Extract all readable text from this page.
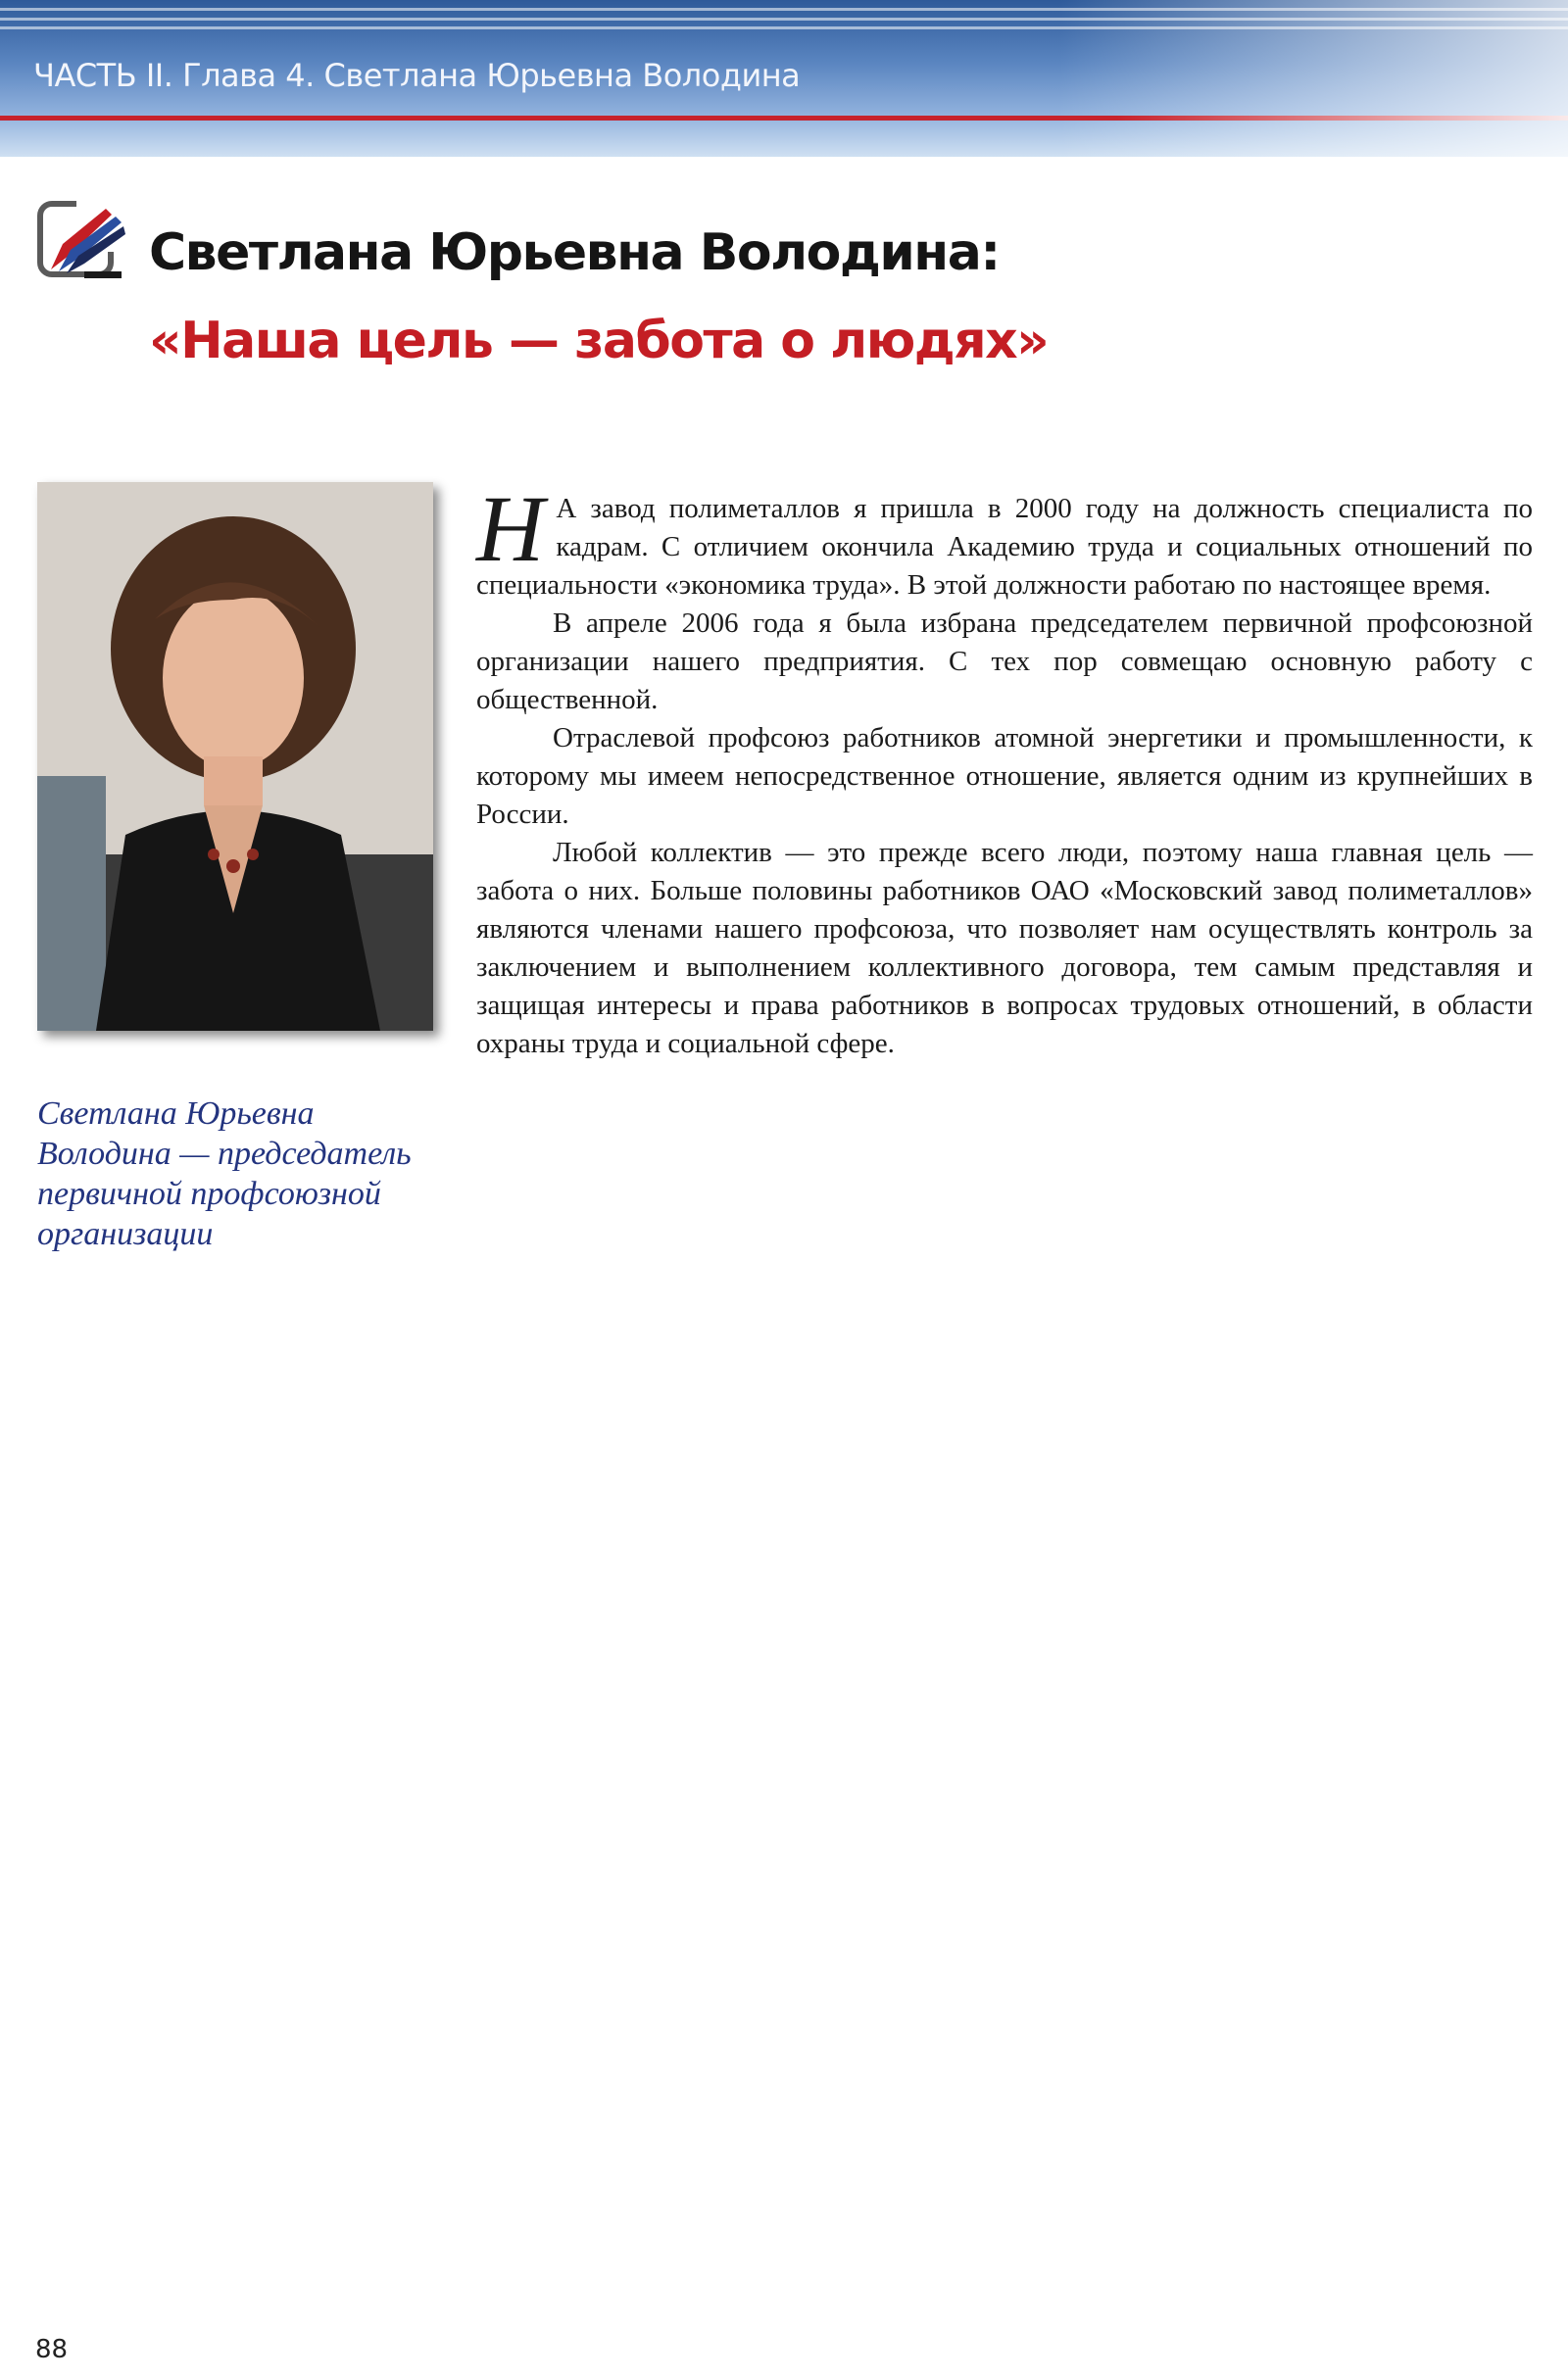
ЧАСТЬ II. Глава 4. Светлана Юрьевна Володина
Светлана Юрьевна Володина:
«Наша цель — забота о людях»
Светлана Юрьевна Володина — председатель первичной профсоюзной организации

Н А завод полиметаллов я пришла в 2000 году на должность специалиста по кадрам. С отличием окончила Академию труда и социальных отношений по специальности «экономика труда». В этой должности работаю по настоящее время.

В апреле 2006 года я была избрана председателем первичной профсоюзной организации нашего предприятия. С тех пор совмещаю основную работу с общественной.

Отраслевой профсоюз работников атомной энергетики и промышленности, к которому мы имеем непосредственное отношение, является одним из крупнейших в России.

Любой коллектив — это прежде всего люди, поэтому наша главная цель — забота о них. Больше половины работников ОАО «Московский завод полиметаллов» являются членами нашего профсоюза, что позволяет нам осуществлять контроль за заключением и выполнением коллективного договора, тем самым представляя и защищая интересы и права работников в вопросах трудовых отношений, в области охраны труда и социальной сфере.

88
